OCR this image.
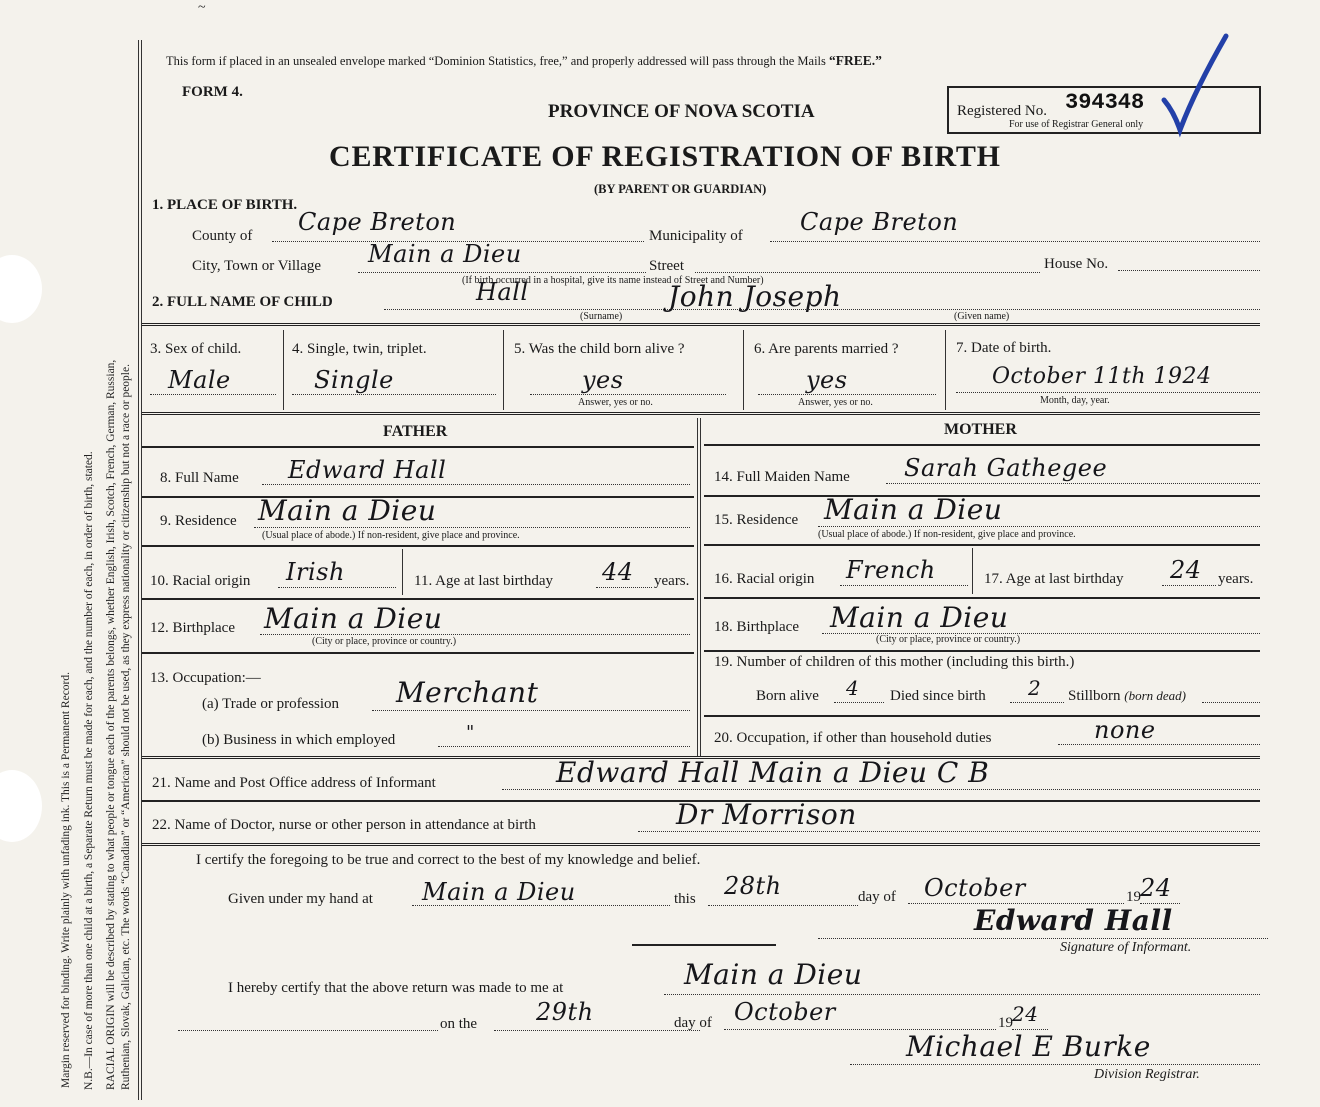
Margin reserved for binding. Write plainly with unfading ink. This is a Permanent Record. N.B.—In case of more than one child at a birth, a Separate Return must be made for each, and the number of each, in order of birth, stated. RACIAL ORIGIN will be described by stating to what people or tongue each of the parents belongs, whether English, Irish, Scotch, French, German, Russian, Ruthenian, Slovak, Galician, etc. The words “Canadian” or “American” should not be used, as they express nationality or citizenship but not a race or people.
~
This form if placed in an unsealed envelope marked “Dominion Statistics, free,” and properly addressed will pass through the Mails “FREE.”
FORM 4.
PROVINCE OF NOVA SCOTIA	Registered No. 394348
For use of Registrar General only
CERTIFICATE OF REGISTRATION OF BIRTH
(BY PARENT OR GUARDIAN)
1. PLACE OF BIRTH.
County of Cape Breton	Municipality of Cape Breton
City, Town or Village Main a Dieu	Street	House No.
(If birth occurred in a hospital, give its name instead of Street and Number)
2. FULL NAME OF CHILD	Hall	John Joseph
(Surname)	(Given name)
3. Sex of child.
Male
4. Single, twin, triplet.
Single
5. Was the child born alive ?
yes
Answer, yes or no.
6. Are parents married ?
yes
Answer, yes or no.
7. Date of birth.
October 11th 1924
Month, day, year.
FATHER
8. Full Name Edward Hall
9. Residence Main a Dieu
(Usual place of abode.) If non-resident, give place and province.
10. Racial origin Irish	11. Age at last birthday 44 years.
12. Birthplace Main a Dieu
(City or place, province or country.)
13. Occupation:—
(a) Trade or profession Merchant
(b) Business in which employed	"
MOTHER
14. Full Maiden Name Sarah Gathegee
15. Residence Main a Dieu
(Usual place of abode.) If non-resident, give place and province.
16. Racial origin French	17. Age at last birthday 24 years.
18. Birthplace Main a Dieu
(City or place, province or country.)
19. Number of children of this mother (including this birth.)
Born alive 4 Died since birth 2 Stillborn (born dead)
20. Occupation, if other than household duties	none
21. Name and Post Office address of Informant	Edward Hall Main a Dieu C B
22. Name of Doctor, nurse or other person in attendance at birth	Dr Morrison
I certify the foregoing to be true and correct to the best of my knowledge and belief.
Given under my hand at Main a Dieu	this 28th	day of October	19 24
Edward Hall
Signature of Informant.
I hereby certify that the above return was made to me at	Main a Dieu
on the 29th	day of October	19 24
Michael E Burke
Division Registrar.
